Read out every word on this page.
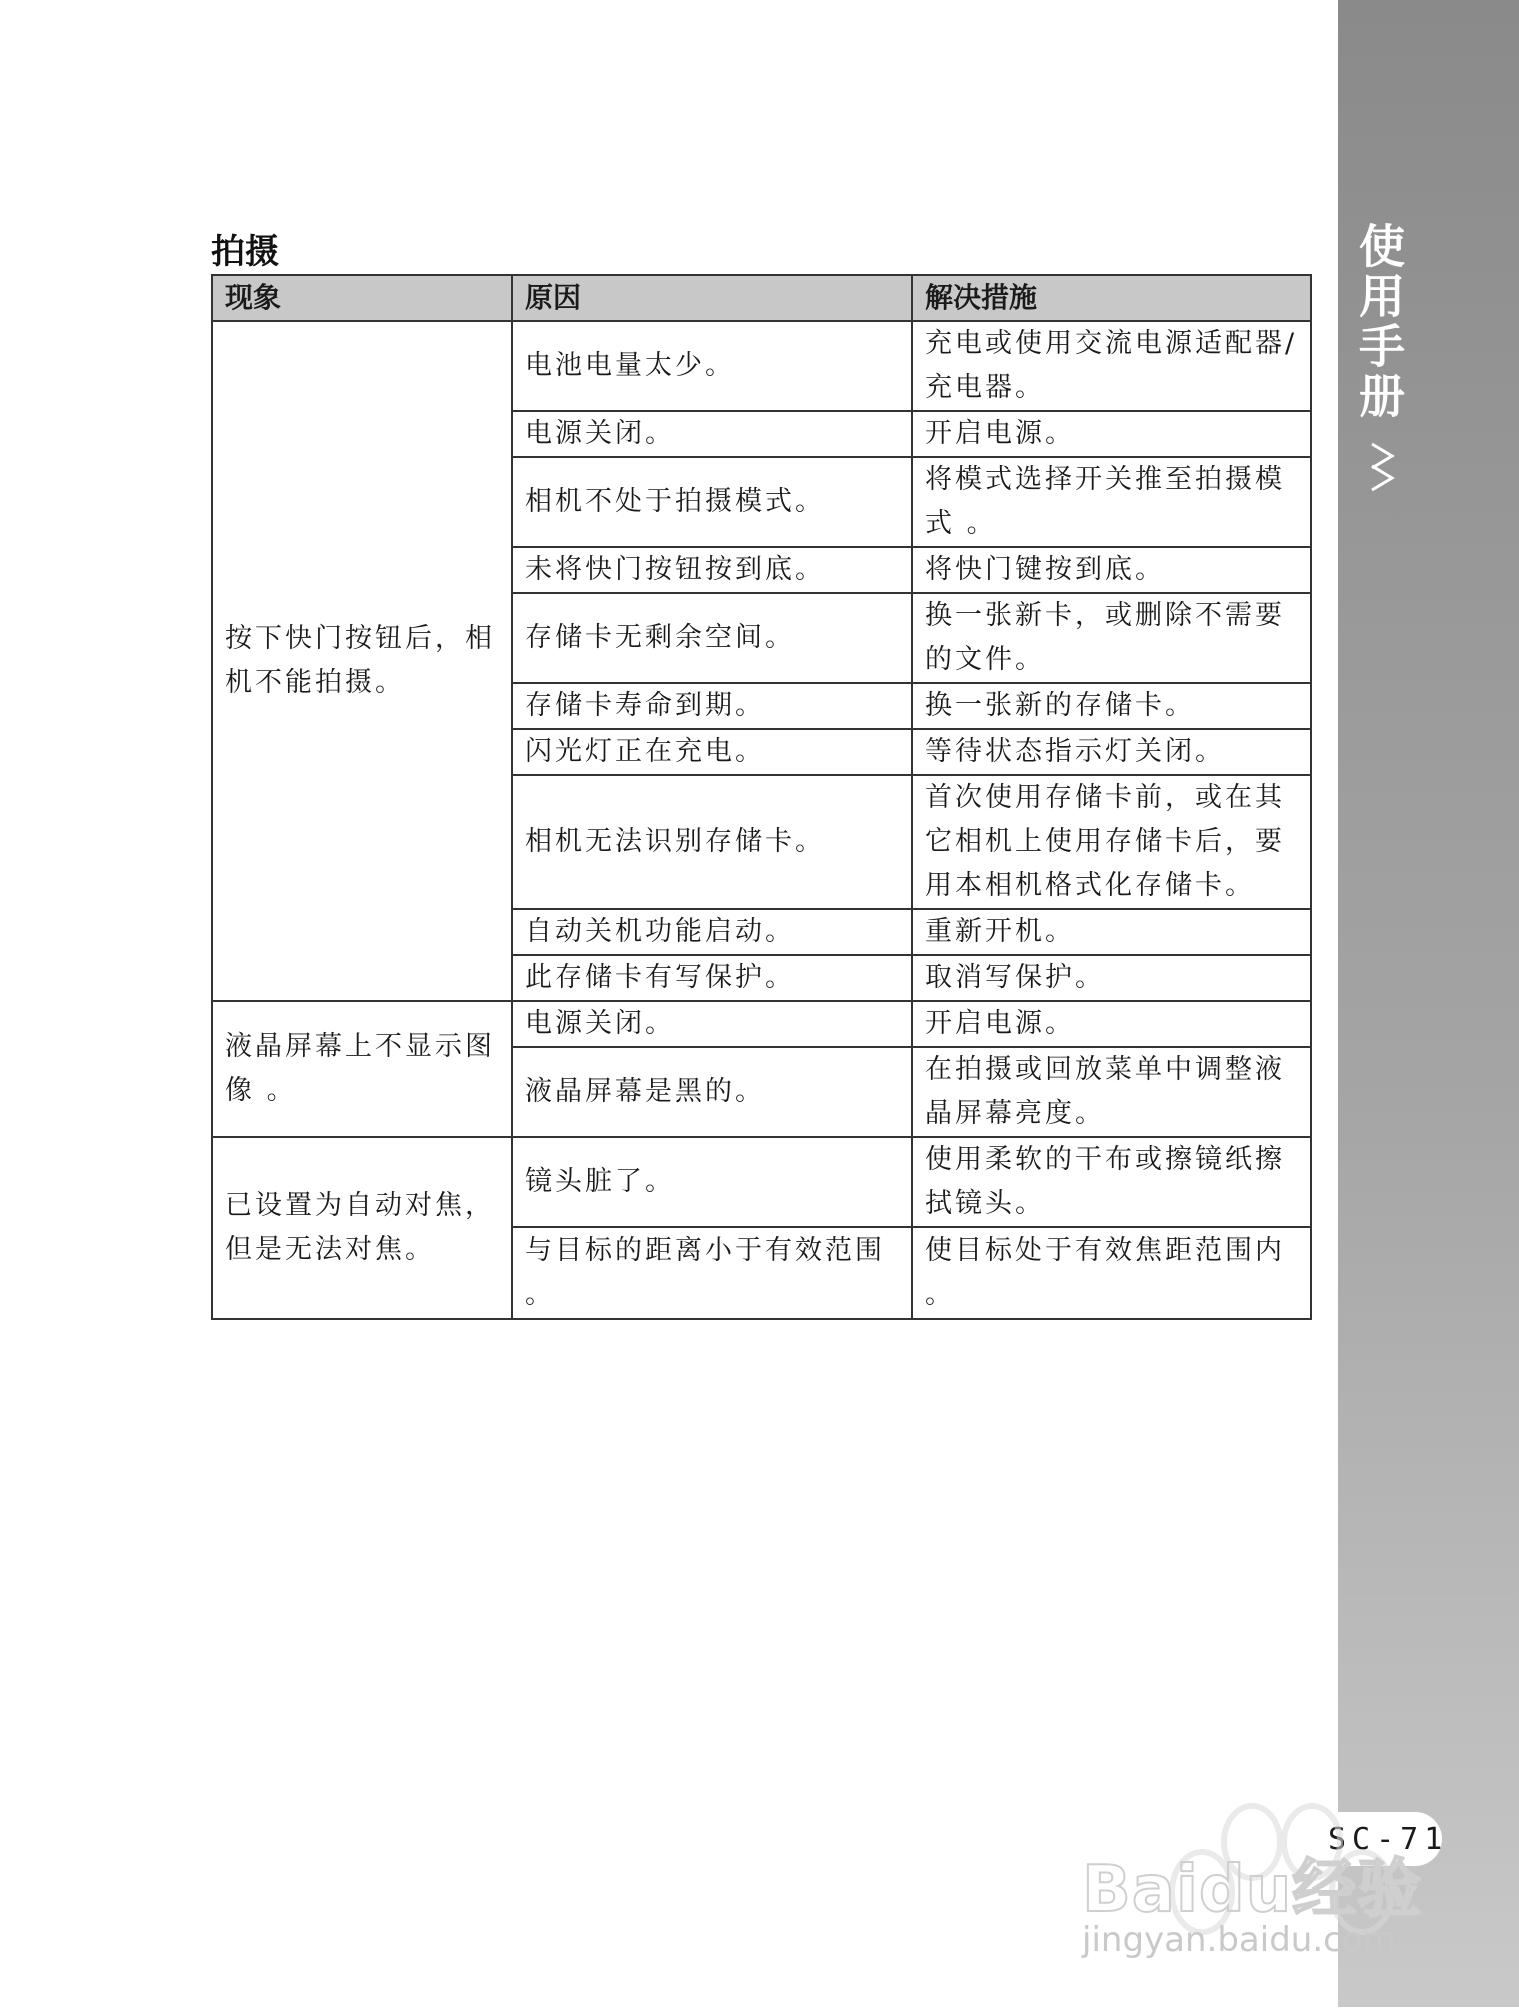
使用手册
SC-71
拍摄
现象	原因	解决措施
按下快门按钮后，相机不能拍摄。	电池电量太少。	充电或使用交流电源适配器/充电器。
	电源关闭。	开启电源。
	相机不处于拍摄模式。	将模式选择开关推至拍摄模式 。
	未将快门按钮按到底。	将快门键按到底。
	存储卡无剩余空间。	换一张新卡，或删除不需要的文件。
	存储卡寿命到期。	换一张新的存储卡。
	闪光灯正在充电。	等待状态指示灯关闭。
	相机无法识别存储卡。	首次使用存储卡前，或在其它相机上使用存储卡后，要用本相机格式化存储卡。
	自动关机功能启动。	重新开机。
	此存储卡有写保护。	取消写保护。
液晶屏幕上不显示图像 。	电源关闭。	开启电源。
	液晶屏幕是黑的。	在拍摄或回放菜单中调整液晶屏幕亮度。
已设置为自动对焦，但是无法对焦。	镜头脏了。	使用柔软的干布或擦镜纸擦拭镜头。
	与目标的距离小于有效范围 。	使目标处于有效焦距范围内 。
Baidu经验
jingyan.baidu.com
